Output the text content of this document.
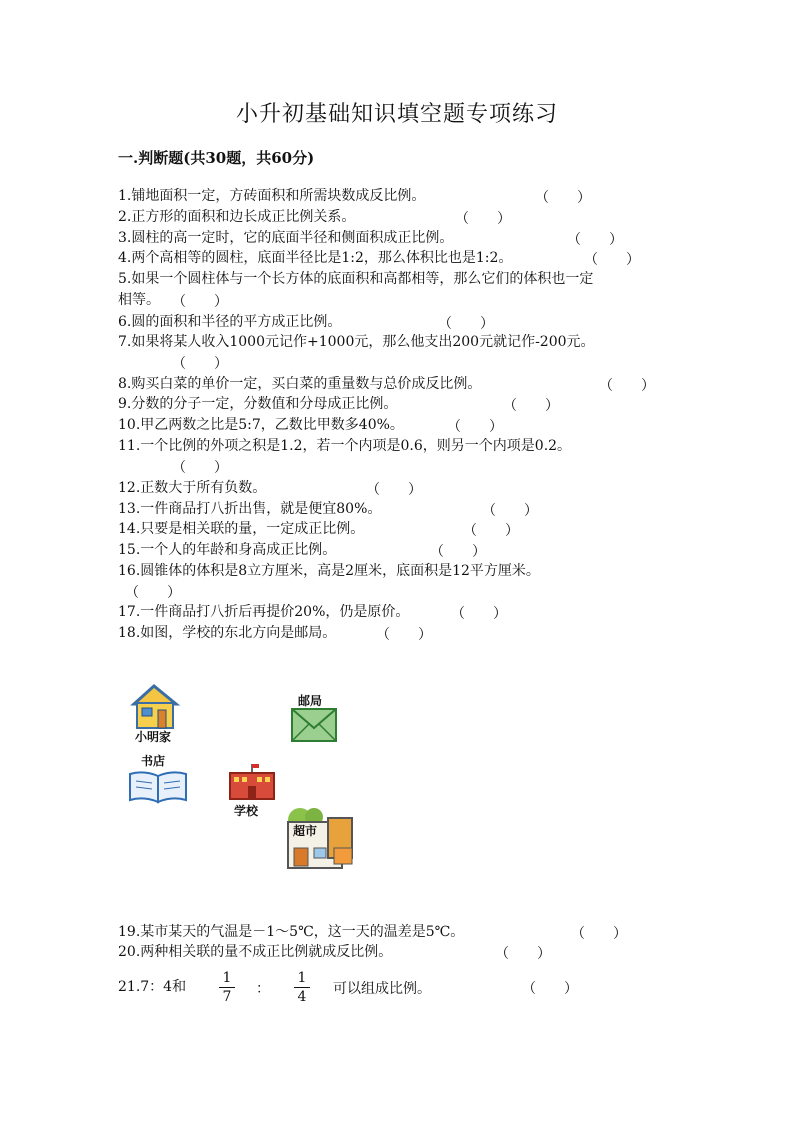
小升初基础知识填空题专项练习
一.判断题(共30题，共60分)
1.铺地面积一定，方砖面积和所需块数成反比例。	（　　）
2.正方形的面积和边长成正比例关系。	（　　）
3.圆柱的高一定时，它的底面半径和侧面积成正比例。	（　　）
4.两个高相等的圆柱，底面半径比是1:2，那么体积比也是1:2。	（　　）
5.如果一个圆柱体与一个长方体的底面积和高都相等，那么它们的体积也一定
相等。 （　　）
6.圆的面积和半径的平方成正比例。	（　　）
7.如果将某人收入1000元记作+1000元，那么他支出200元就记作-200元。
（　　）
8.购买白菜的单价一定，买白菜的重量数与总价成反比例。	（　　）
9.分数的分子一定，分数值和分母成正比例。	（　　）
10.甲乙两数之比是5:7，乙数比甲数多40%。	（　　）
11.一个比例的外项之积是1.2，若一个内项是0.6，则另一个内项是0.2。
（　　）
12.正数大于所有负数。	（　　）
13.一件商品打八折出售，就是便宜80%。	（　　）
14.只要是相关联的量，一定成正比例。	（　　）
15.一个人的年龄和身高成正比例。	（　　）
16.圆锥体的体积是8立方厘米，高是2厘米，底面积是12平方厘米。
（　　）
17.一件商品打八折后再提价20%，仍是原价。	（　　）
18.如图，学校的东北方向是邮局。	（　　）
小明家
邮局
书店
学校
超市
19.某市某天的气温是－1～5℃，这一天的温差是5℃。	（　　）
20.两种相关联的量不成正比例就成反比例。	（　　）
21.7：4和
1
7 ：
1
4 可以组成比例。	（　　）
